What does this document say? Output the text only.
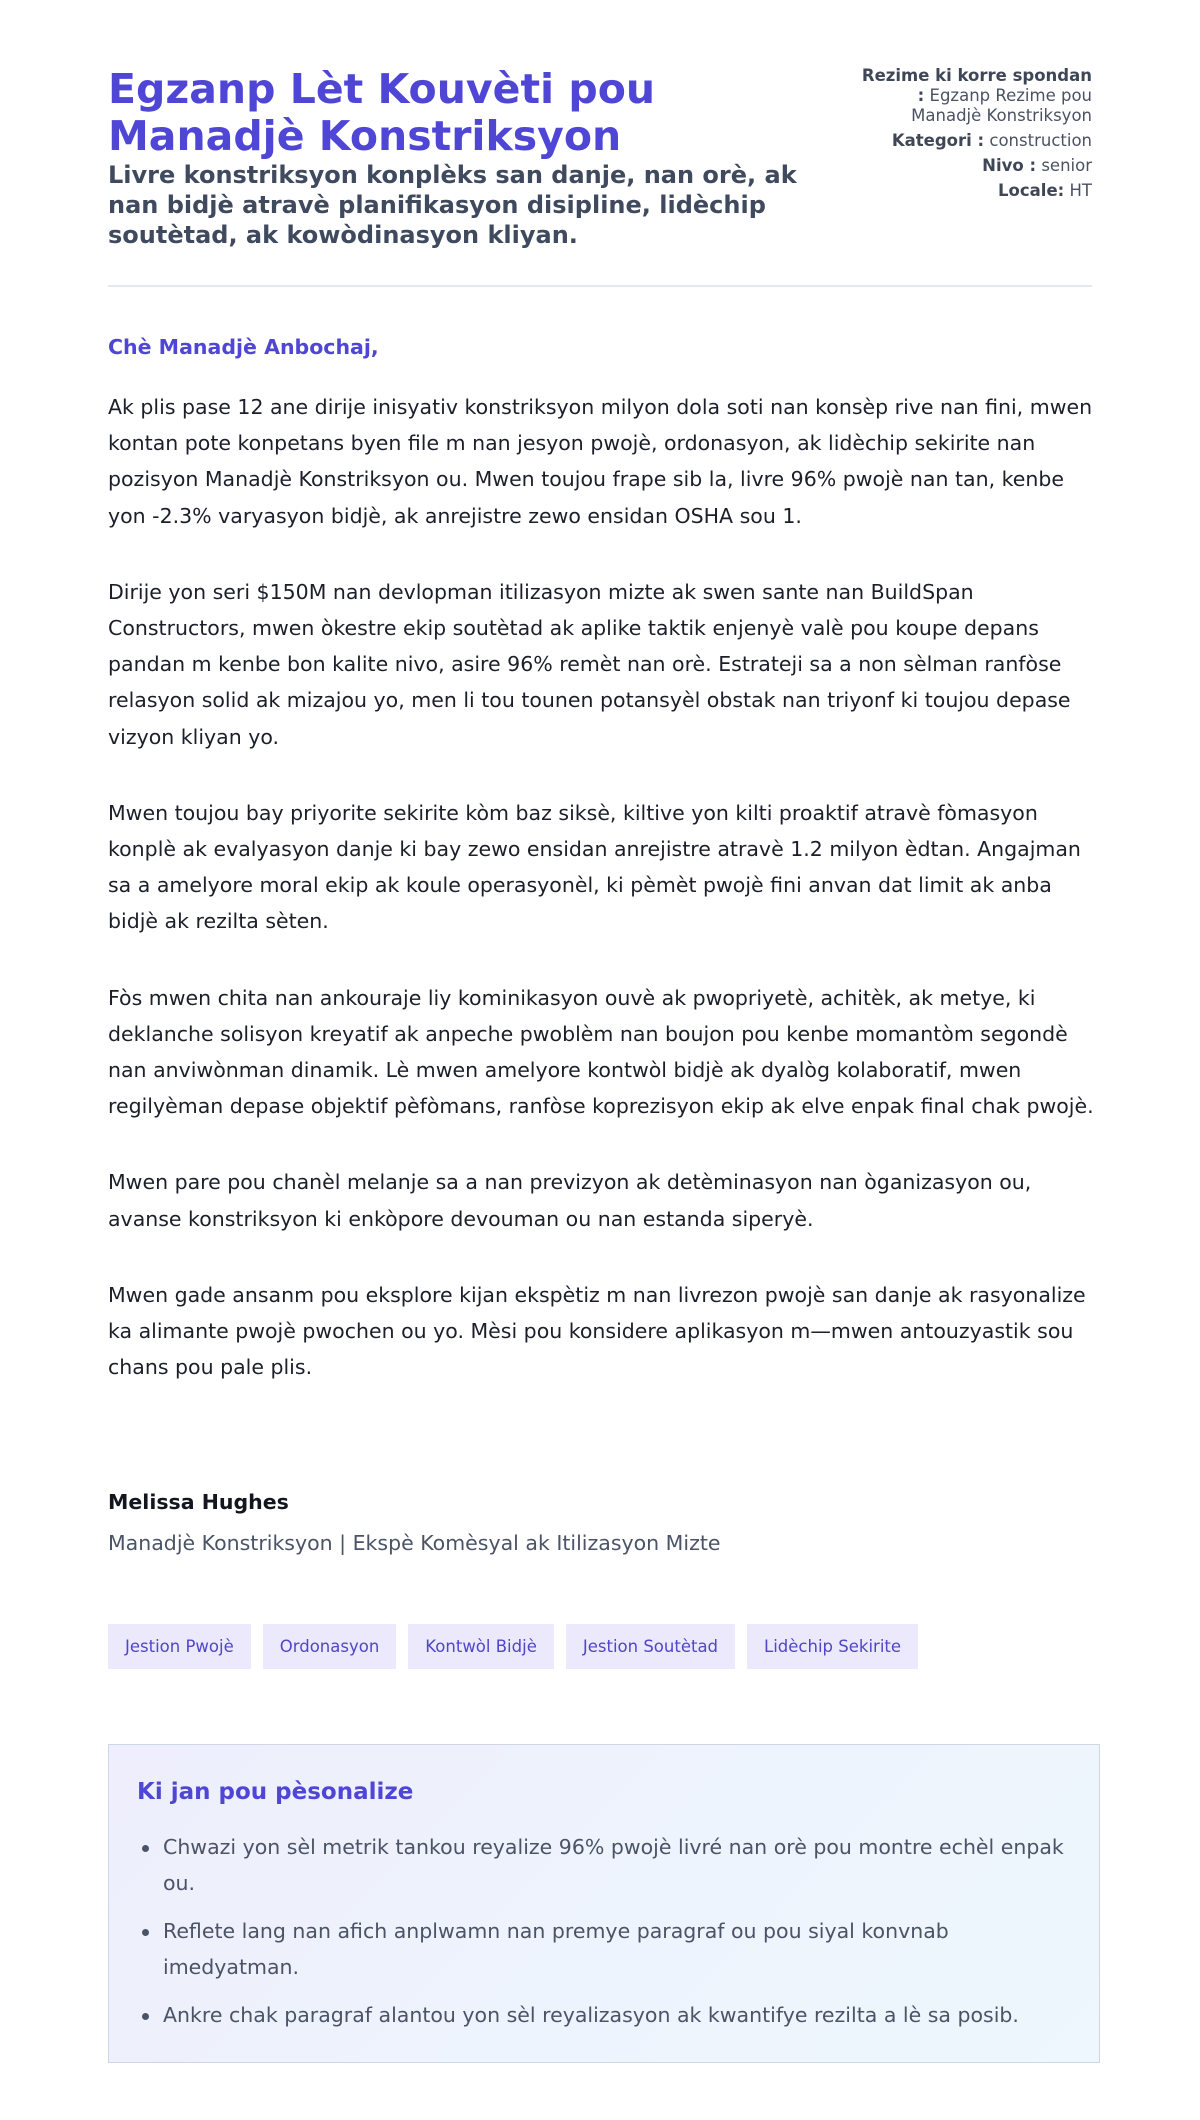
Egzanp Lèt Kouvèti pou Manadjè Konstriksyon
Livre konstriksyon konplèks san danje, nan orè, ak nan bidjè atravè planifikasyon disipline, lidèchip soutètad, ak kowòdinasyon kliyan.
Rezime ki korre spondan : Egzanp Rezime pou Manadjè Konstriksyon
Kategori : construction
Nivo : senior
Locale: HT
Chè Manadjè Anbochaj,

Ak plis pase 12 ane dirije inisyativ konstriksyon milyon dola soti nan konsèp rive nan fini, mwen kontan pote konpetans byen file m nan jesyon pwojè, ordonasyon, ak lidèchip sekirite nan pozisyon Manadjè Konstriksyon ou. Mwen toujou frape sib la, livre 96% pwojè nan tan, kenbe yon -2.3% varyasyon bidjè, ak anrejistre zewo ensidan OSHA sou 1.

Dirije yon seri $150M nan devlopman itilizasyon mizte ak swen sante nan BuildSpan Constructors, mwen òkestre ekip soutètad ak aplike taktik enjenyè valè pou koupe depans pandan m kenbe bon kalite nivo, asire 96% remèt nan orè. Estrateji sa a non sèlman ranfòse relasyon solid ak mizajou yo, men li tou tounen potansyèl obstak nan triyonf ki toujou depase vizyon kliyan yo.

Mwen toujou bay priyorite sekirite kòm baz siksè, kiltive yon kilti proaktif atravè fòmasyon konplè ak evalyasyon danje ki bay zewo ensidan anrejistre atravè 1.2 milyon èdtan. Angajman sa a amelyore moral ekip ak koule operasyonèl, ki pèmèt pwojè fini anvan dat limit ak anba bidjè ak rezilta sèten.

Fòs mwen chita nan ankouraje liy kominikasyon ouvè ak pwopriyetè, achitèk, ak metye, ki deklanche solisyon kreyatif ak anpeche pwoblèm nan boujon pou kenbe momantòm segondè nan anviwònman dinamik. Lè mwen amelyore kontwòl bidjè ak dyalòg kolaboratif, mwen regilyèman depase objektif pèfòmans, ranfòse koprezisyon ekip ak elve enpak final chak pwojè.

Mwen pare pou chanèl melanje sa a nan previzyon ak detèminasyon nan òganizasyon ou, avanse konstriksyon ki enkòpore devouman ou nan estanda siperyè.

Mwen gade ansanm pou eksplore kijan ekspètiz m nan livrezon pwojè san danje ak rasyonalize ka alimante pwojè pwochen ou yo. Mèsi pou konsidere aplikasyon m—mwen antouzyastik sou chans pou pale plis.

Melissa Hughes
Manadjè Konstriksyon | Ekspè Komèsyal ak Itilizasyon Mizte
Jestion Pwojè	Ordonasyon	Kontwòl Bidjè	Jestion Soutètad	Lidèchip Sekirite
Ki jan pou pèsonalize
Chwazi yon sèl metrik tankou reyalize 96% pwojè livré nan orè pou montre echèl enpak ou.
Reflete lang nan afich anplwamn nan premye paragraf ou pou siyal konvnab imedyatman.
Ankre chak paragraf alantou yon sèl reyalizasyon ak kwantifye rezilta a lè sa posib.
